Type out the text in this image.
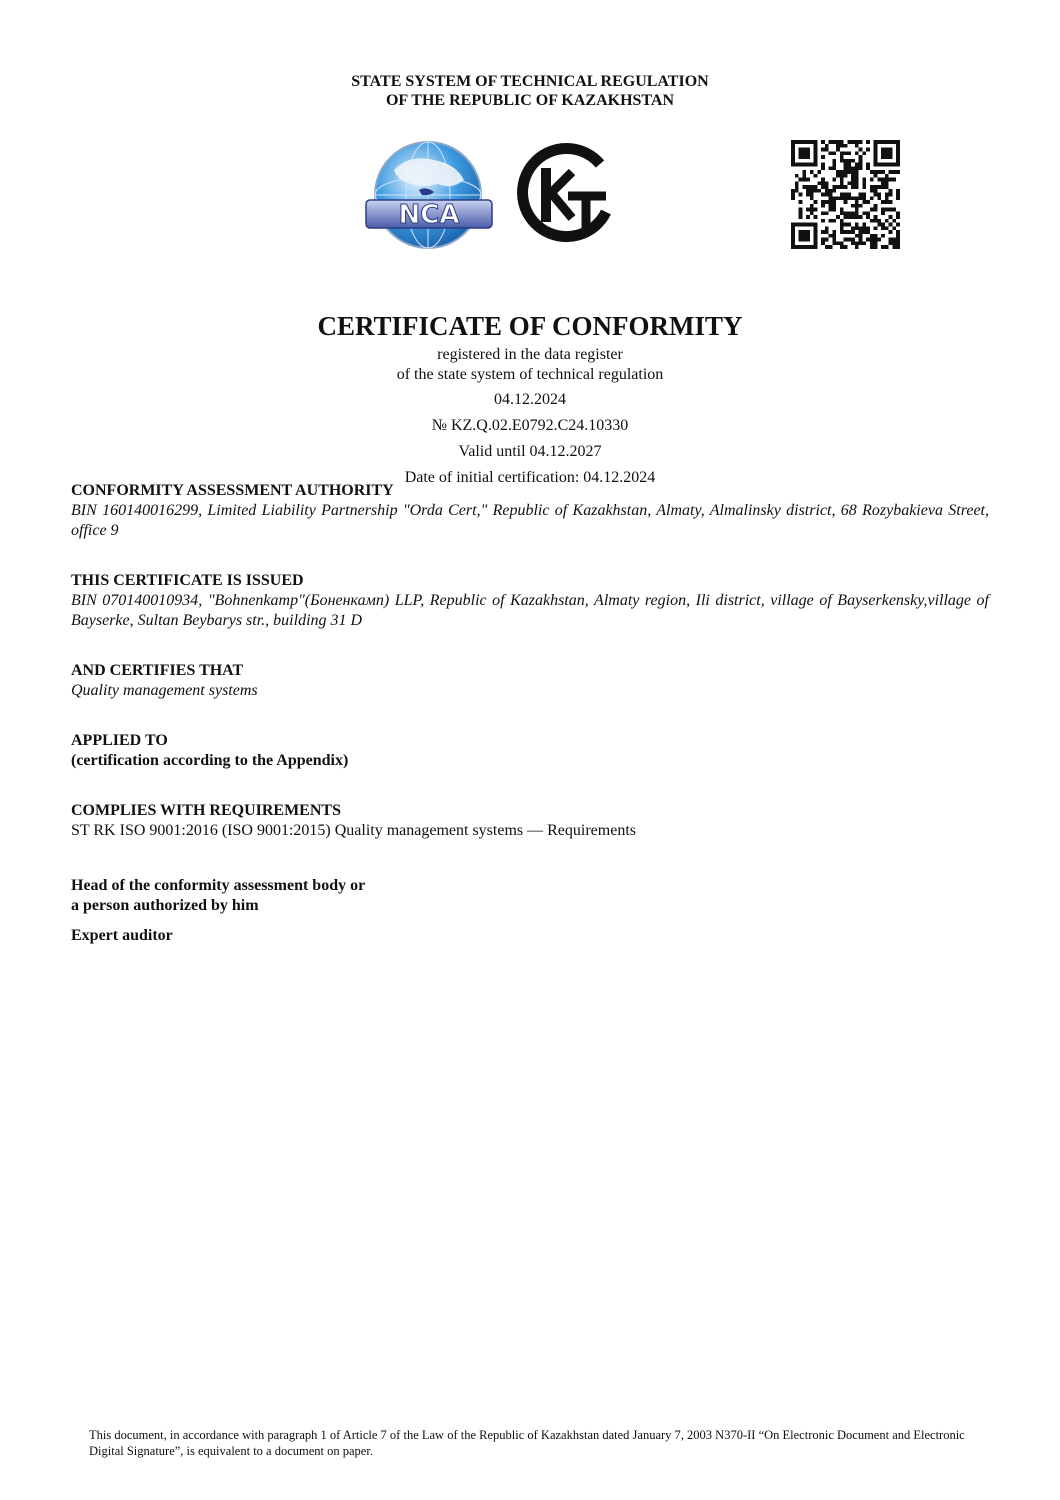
STATE SYSTEM OF TECHNICAL REGULATION
OF THE REPUBLIC OF KAZAKHSTAN
NCA
CERTIFICATE OF CONFORMITY
registered in the data register
of the state system of technical regulation
04.12.2024
№ KZ.Q.02.E0792.C24.10330
Valid until 04.12.2027
Date of initial certification: 04.12.2024
CONFORMITY ASSESSMENT AUTHORITY

BIN 160140016299, Limited Liability Partnership "Orda Cert," Republic of Kazakhstan, Almaty, Almalinsky district, 68 Rozybakieva Street, office 9

THIS CERTIFICATE IS ISSUED

BIN 070140010934, "Bohnenkamp"(Боненкамп) LLP, Republic of Kazakhstan, Almaty region, Ili district, village of Bayserkensky,village of Bayserke, Sultan Beybarys str., building 31 D

AND CERTIFIES THAT

Quality management systems

APPLIED TO

(certification according to the Appendix)

COMPLIES WITH REQUIREMENTS

ST RK ISO 9001:2016 (ISO 9001:2015) Quality management systems — Requirements

Head of the conformity assessment body or
a person authorized by him
Expert auditor
This document, in accordance with paragraph 1 of Article 7 of the Law of the Republic of Kazakhstan dated January 7, 2003 N370-II “On Electronic Document and Electronic Digital Signature”, is equivalent to a document on paper.
